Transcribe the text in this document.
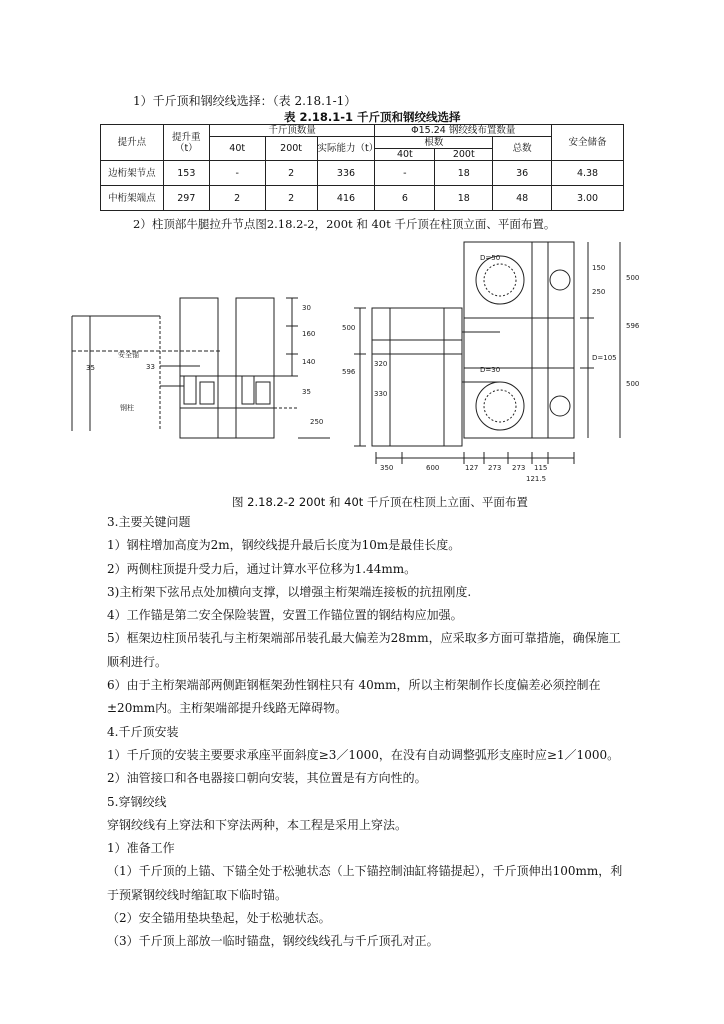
1）千斤顶和钢绞线选择：（表 2.18.1-1）
表 2.18.1-1 千斤顶和钢绞线选择
提升点	提升重（t）	千斤顶数量			Φ15.24 钢绞线布置数量			安全储备
		40t	200t	实际能力（t）	根数		总数	
					40t	200t		
边桁架节点	153	-	2	336	-	18	36	4.38
中桁架端点	297	2	2	416	6	18	48	3.00
2）柱顶部牛腿拉升节点图2.18.2-2，200t 和 40t 千斤顶在柱顶立面、平面布置。
35
安全锚
33
钢柱
30
160
140
35
250
500
596
320
330
D=50
D=30
D=105
150
250
500
596
500
350	600	127 273 273 115
121.5
图 2.18.2-2 200t 和 40t 千斤顶在柱顶上立面、平面布置

3.主要关键问题

1）钢柱增加高度为2m，钢绞线提升最后长度为10m是最佳长度。

2）两侧柱顶提升受力后，通过计算水平位移为1.44mm。

3)主桁架下弦吊点处加横向支撑，以增强主桁架端连接板的抗扭刚度.

4）工作锚是第二安全保险装置，安置工作锚位置的钢结构应加强。

5）框架边柱顶吊装孔与主桁架端部吊装孔最大偏差为28mm，应采取多方面可靠措施，确保施工

顺利进行。

6）由于主桁架端部两侧距钢框架劲性钢柱只有 40mm，所以主桁架制作长度偏差必须控制在

±20mm内。主桁架端部提升线路无障碍物。

4.千斤顶安装

1）千斤顶的安装主要要求承座平面斜度≥3／1000，在没有自动调整弧形支座时应≥1／1000。

2）油管接口和各电器接口朝向安装，其位置是有方向性的。

5.穿钢绞线

穿钢绞线有上穿法和下穿法两种，本工程是采用上穿法。

1）准备工作

（1）千斤顶的上锚、下锚全处于松驰状态（上下锚控制油缸将锚提起），千斤顶伸出100mm，利

于预紧钢绞线时缩缸取下临时锚。

（2）安全锚用垫块垫起，处于松驰状态。

（3）千斤顶上部放一临时锚盘，钢绞线线孔与千斤顶孔对正。
